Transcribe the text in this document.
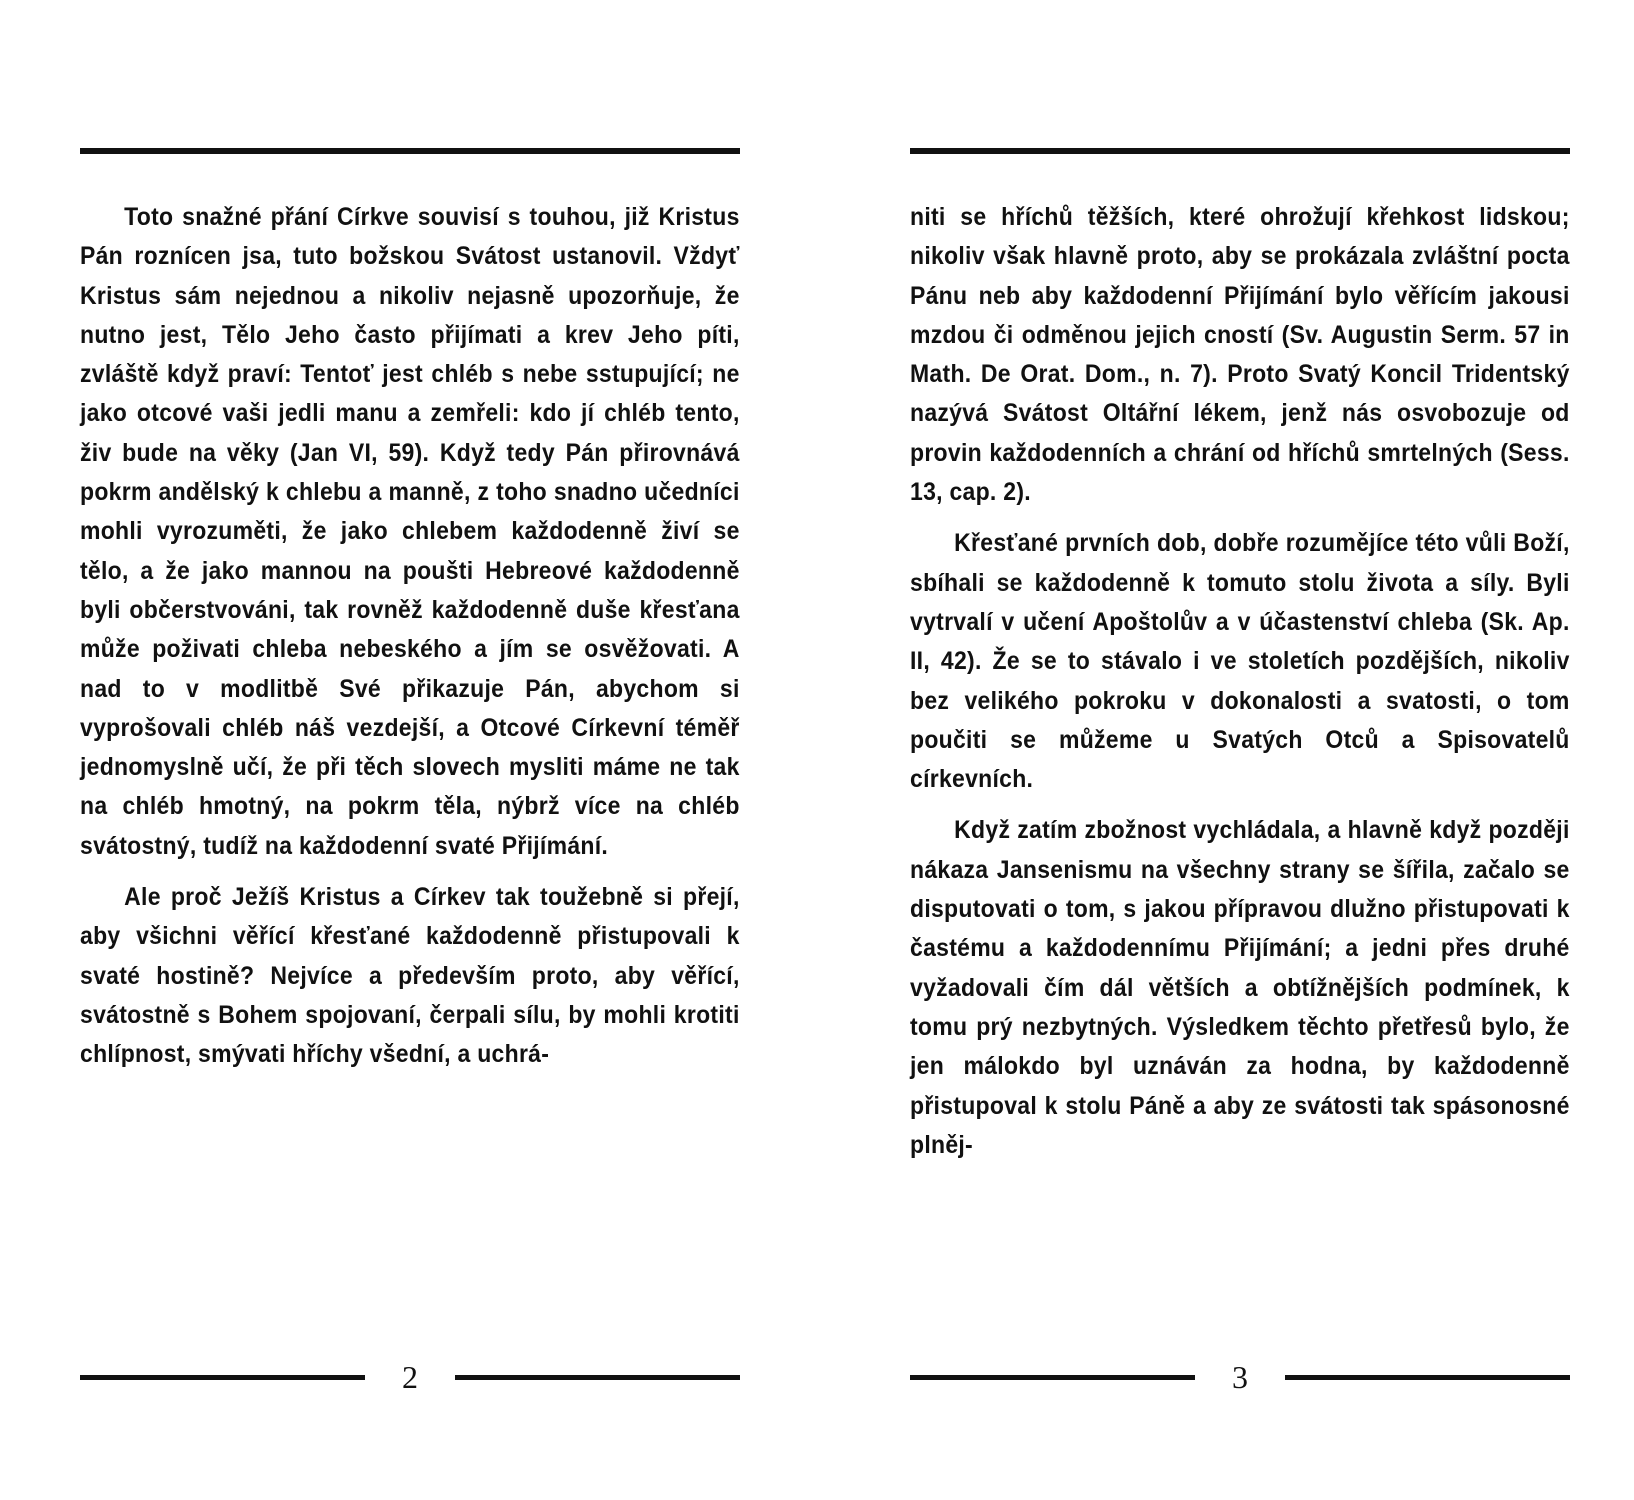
Toto snažné přání Církve souvisí s touhou, již Kristus Pán roznícen jsa, tuto božskou Svátost ustanovil. Vždyť Kristus sám nejednou a nikoliv nejasně upozorňuje, že nutno jest, Tělo Jeho často přijímati a krev Jeho píti, zvláště když praví: Tentoť jest chléb s nebe sstupující; ne jako otcové vaši jedli manu a zemřeli: kdo jí chléb tento, živ bude na věky (Jan VI, 59). Když tedy Pán přirovnává pokrm andělský k chlebu a manně, z toho snadno učedníci mohli vyrozuměti, že jako chlebem každodenně živí se tělo, a že jako mannou na poušti Hebreové každodenně byli občerstvováni, tak rovněž každodenně duše křesťana může poživati chleba nebeského a jím se osvěžovati. A nad to v modlitbě Své přikazuje Pán, abychom si vyprošovali chléb náš vezdejší, a Otcové Církevní téměř jednomyslně učí, že při těch slovech mysliti máme ne tak na chléb hmotný, na pokrm těla, nýbrž více na chléb svátostný, tudíž na každodenní svaté Přijímání.

Ale proč Ježíš Kristus a Církev tak toužebně si přejí, aby všichni věřící křesťané každodenně přistupovali k svaté hostině? Nejvíce a především proto, aby věřící, svátostně s Bohem spojovaní, čerpali sílu, by mohli krotiti chlípnost, smývati hříchy všední, a uchrá-

2

niti se hříchů těžších, které ohrožují křehkost lidskou; nikoliv však hlavně proto, aby se prokázala zvláštní pocta Pánu neb aby každodenní Přijímání bylo věřícím jakousi mzdou či odměnou jejich cností (Sv. Augustin Serm. 57 in Math. De Orat. Dom., n. 7). Proto Svatý Koncil Tridentský nazývá Svátost Oltářní lékem, jenž nás osvobozuje od provin každodenních a chrání od hříchů smrtelných (Sess. 13, cap. 2).

Křesťané prvních dob, dobře rozumějíce této vůli Boží, sbíhali se každodenně k tomuto stolu života a síly. Byli vytrvalí v učení Apoštolův a v účastenství chleba (Sk. Ap. II, 42). Že se to stávalo i ve stoletích pozdějších, nikoliv bez velikého pokroku v dokonalosti a svatosti, o tom poučiti se můžeme u Svatých Otců a Spisovatelů církevních.

Když zatím zbožnost vychládala, a hlavně když později nákaza Jansenismu na všechny strany se šířila, začalo se disputovati o tom, s jakou přípravou dlužno přistupovati k častému a každodennímu Přijímání; a jedni přes druhé vyžadovali čím dál větších a obtížnějších podmínek, k tomu prý nezbytných. Výsledkem těchto přetřesů bylo, že jen málokdo byl uznáván za hodna, by každodenně přistupoval k stolu Páně a aby ze svátosti tak spásonosné plněj-

3
